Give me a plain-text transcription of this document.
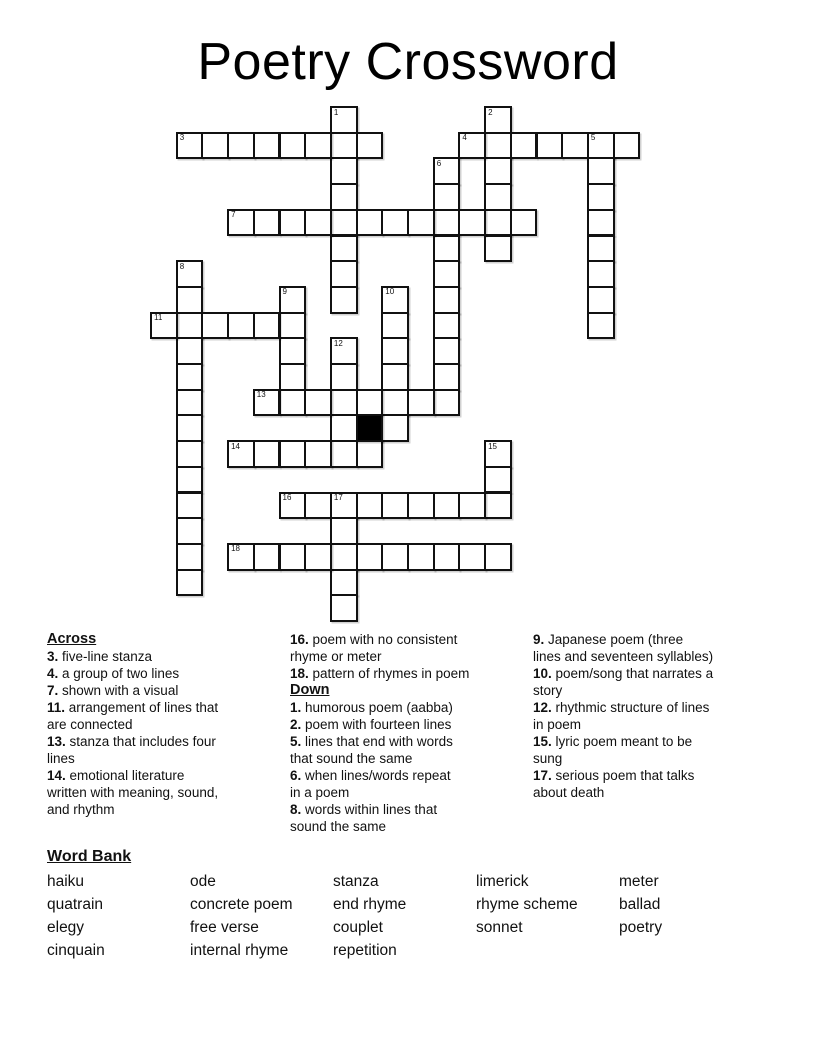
Poetry Crossword
1	2
3	4	5
6
7
8
9	10
11
12
13
14	15
16	17
18
Across
3. five-line stanza
4. a group of two lines
7. shown with a visual
11. arrangement of lines that
are connected
13. stanza that includes four
lines
14. emotional literature
written with meaning, sound,
and rhythm
16. poem with no consistent
rhyme or meter
18. pattern of rhymes in poem
Down
1. humorous poem (aabba)
2. poem with fourteen lines
5. lines that end with words
that sound the same
6. when lines/words repeat
in a poem
8. words within lines that
sound the same
9. Japanese poem (three
lines and seventeen syllables)
10. poem/song that narrates a
story
12. rhythmic structure of lines
in poem
15. lyric poem meant to be
sung
17. serious poem that talks
about death
Word Bank
haiku
quatrain
elegy
cinquain
ode
concrete poem
free verse
internal rhyme
stanza
end rhyme
couplet
repetition
limerick
rhyme scheme
sonnet
meter
ballad
poetry
